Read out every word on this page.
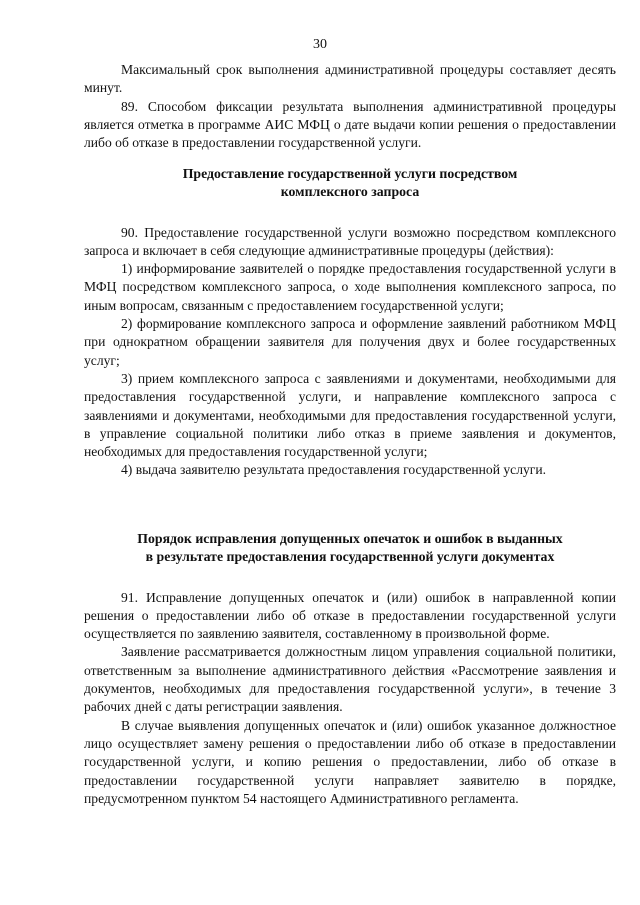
30

Максимальный срок выполнения административной процедуры составляет десять минут.

89. Способом фиксации результата выполнения административной процедуры является отметка в программе АИС МФЦ о дате выдачи копии решения о предоставлении либо об отказе в предоставлении государственной услуги.

Предоставление государственной услуги посредством

комплексного запроса

90. Предоставление государственной услуги возможно посредством комплексного запроса и включает в себя следующие административные процедуры (действия):

1) информирование заявителей о порядке предоставления государственной услуги в МФЦ посредством комплексного запроса, о ходе выполнения комплексного запроса, по иным вопросам, связанным с предоставлением государственной услуги;

2) формирование комплексного запроса и оформление заявлений работником МФЦ при однократном обращении заявителя для получения двух и более государственных услуг;

3) прием комплексного запроса с заявлениями и документами, необходимыми для предоставления государственной услуги, и направление комплексного запроса с заявлениями и документами, необходимыми для предоставления государственной услуги, в управление социальной политики либо отказ в приеме заявления и документов, необходимых для предоставления государственной услуги;

4) выдача заявителю результата предоставления государственной услуги.

Порядок исправления допущенных опечаток и ошибок в выданных

в результате предоставления государственной услуги документах

91. Исправление допущенных опечаток и (или) ошибок в направленной копии решения о предоставлении либо об отказе в предоставлении государственной услуги осуществляется по заявлению заявителя, составленному в произвольной форме.

Заявление рассматривается должностным лицом управления социальной политики, ответственным за выполнение административного действия «Рассмотрение заявления и документов, необходимых для предоставления государственной услуги», в течение 3 рабочих дней с даты регистрации заявления.

В случае выявления допущенных опечаток и (или) ошибок указанное должностное лицо осуществляет замену решения о предоставлении либо об отказе в предоставлении государственной услуги, и копию решения о предоставлении, либо об отказе в предоставлении государственной услуги направляет заявителю в порядке, предусмотренном пунктом 54 настоящего Административного регламента.
